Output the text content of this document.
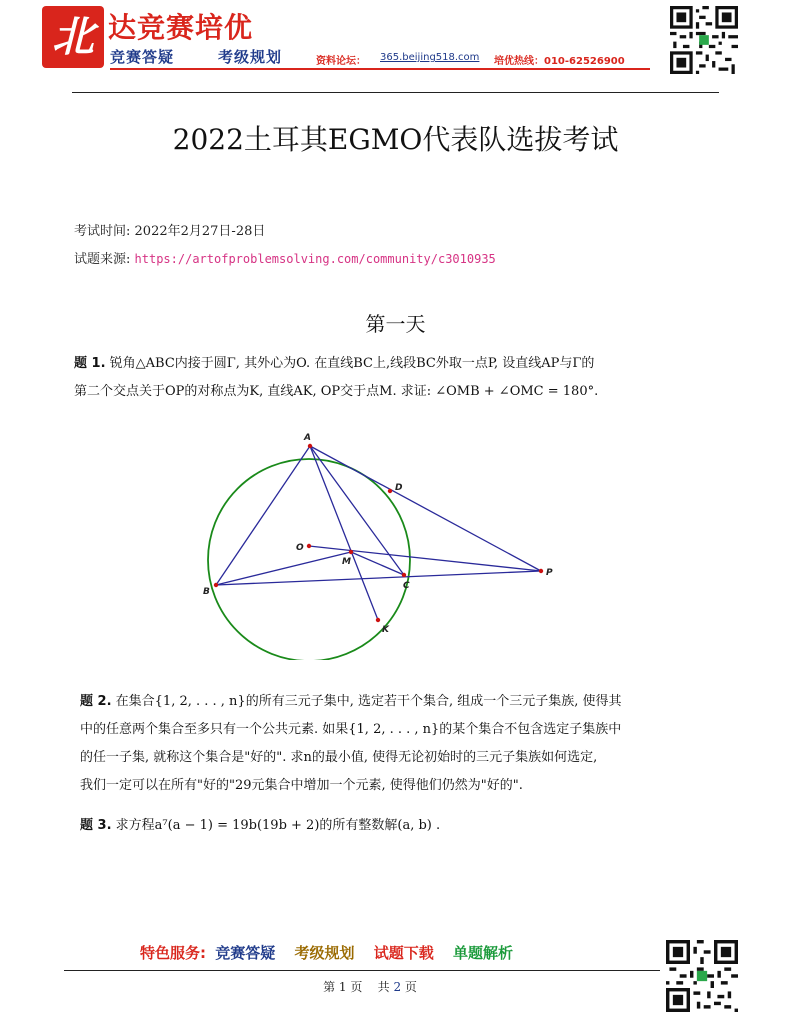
北 达竞赛培优
竞赛答疑	考级规划	资料论坛： 365.beijing518.com 培优热线：010-62526900
2022土耳其EGMO代表队选拔考试
考试时间: 2022年2月27日-28日
试题来源: https://artofproblemsolving.com/community/c3010935
第一天
题 1. 锐角△ABC内接于圆Γ, 其外心为O. 在直线BC上,线段BC外取一点P, 设直线AP与Γ的
第二个交点关于OP的对称点为K, 直线AK, OP交于点M. 求证: ∠OMB + ∠OMC = 180°.
A
B
C
D
O
M
P
K
题 2. 在集合{1, 2, . . . , n}的所有三元子集中, 选定若干个集合, 组成一个三元子集族, 使得其
中的任意两个集合至多只有一个公共元素. 如果{1, 2, . . . , n}的某个集合不包含选定子集族中
的任一子集, 就称这个集合是"好的". 求n的最小值, 使得无论初始时的三元子集族如何选定,
我们一定可以在所有"好的"29元集合中增加一个元素, 使得他们仍然为"好的".
题 3. 求方程a⁷(a − 1) = 19b(19b + 2)的所有整数解(a, b) .
特色服务: 竞赛答疑 考级规划 试题下载 单题解析
第 1 页 共 2 页
